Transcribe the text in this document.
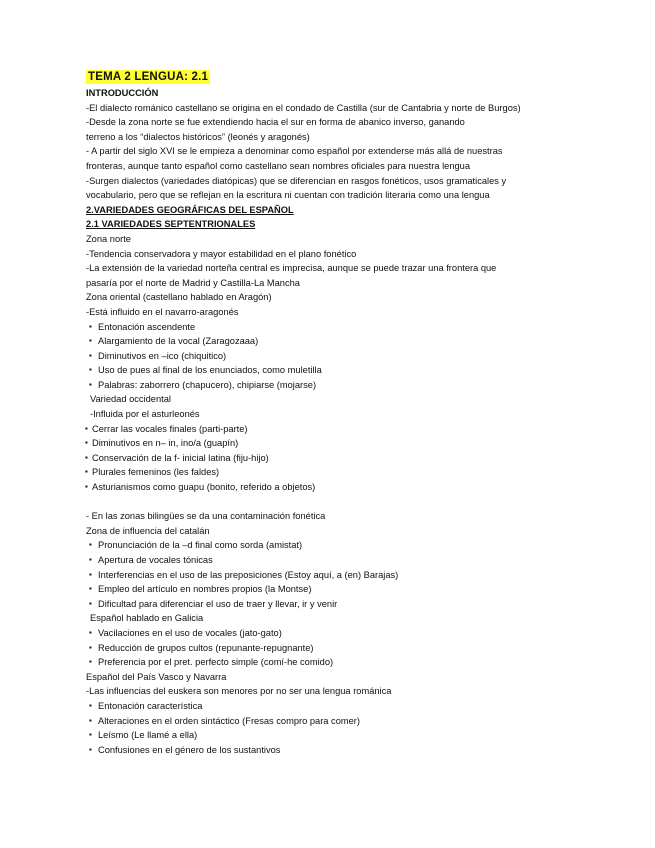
TEMA 2 LENGUA: 2.1
INTRODUCCIÓN
-El dialecto románico castellano se origina en el condado de Castilla (sur de Cantabria y norte de Burgos)
-Desde la zona norte se fue extendiendo hacia el sur en forma de abanico inverso, ganando
terreno a los “dialectos históricos” (leonés y aragonés)
- A partir del siglo XVI se le empieza a denominar como español por extenderse más allá de nuestras
fronteras, aunque tanto español como castellano sean nombres oficiales para nuestra lengua
-Surgen dialectos (variedades diatópicas) que se diferencian en rasgos fonéticos, usos gramaticales y
vocabulario, pero que se reflejan en la escritura ni cuentan con tradición literaria como una lengua
2.VARIEDADES GEOGRÁFICAS DEL ESPAÑOL
2.1 VARIEDADES SEPTENTRIONALES
Zona norte
-Tendencia conservadora y mayor estabilidad en el plano fonético
-La extensión de la variedad norteña central es imprecisa, aunque se puede trazar una frontera que
pasaría por el norte de Madrid y Castilla-La Mancha
Zona oriental (castellano hablado en Aragón)
-Está influido en el navarro-aragonés
▪ Entonación ascendente
▪ Alargamiento de la vocal (Zaragozaaa)
▪ Diminutivos en –ico (chiquitico)
▪ Uso de pues al final de los enunciados, como muletilla
▪ Palabras: zaborrero (chapucero), chipiarse (mojarse)
Variedad occidental
-Influida por el asturleonés
▪ Cerrar las vocales finales (parti-parte)
▪ Diminutivos en n– in, ino/a (guapín)
▪ Conservación de la f- inicial latina (fiju-hijo)
▪ Plurales femeninos (les faldes)
▪ Asturianismos como guapu (bonito, referido a objetos)
- En las zonas bilingües se da una contaminación fonética
Zona de influencia del catalán
▪ Pronunciación de la –d final como sorda (amistat)
▪ Apertura de vocales tónicas
▪ Interferencias en el uso de las preposiciones (Estoy aquí, a (en) Barajas)
▪ Empleo del artículo en nombres propios (la Montse)
▪ Dificultad para diferenciar el uso de traer y llevar, ir y venir
Español hablado en Galicia
▪ Vacilaciones en el uso de vocales (jato-gato)
▪ Reducción de grupos cultos (repunante-repugnante)
▪ Preferencia por el pret. perfecto simple (comí-he comido)
Español del País Vasco y Navarra
-Las influencias del euskera son menores por no ser una lengua románica
▪ Entonación característica
▪ Alteraciones en el orden sintáctico (Fresas compro para comer)
▪ Leísmo (Le llamé a ella)
▪ Confusiones en el género de los sustantivos
